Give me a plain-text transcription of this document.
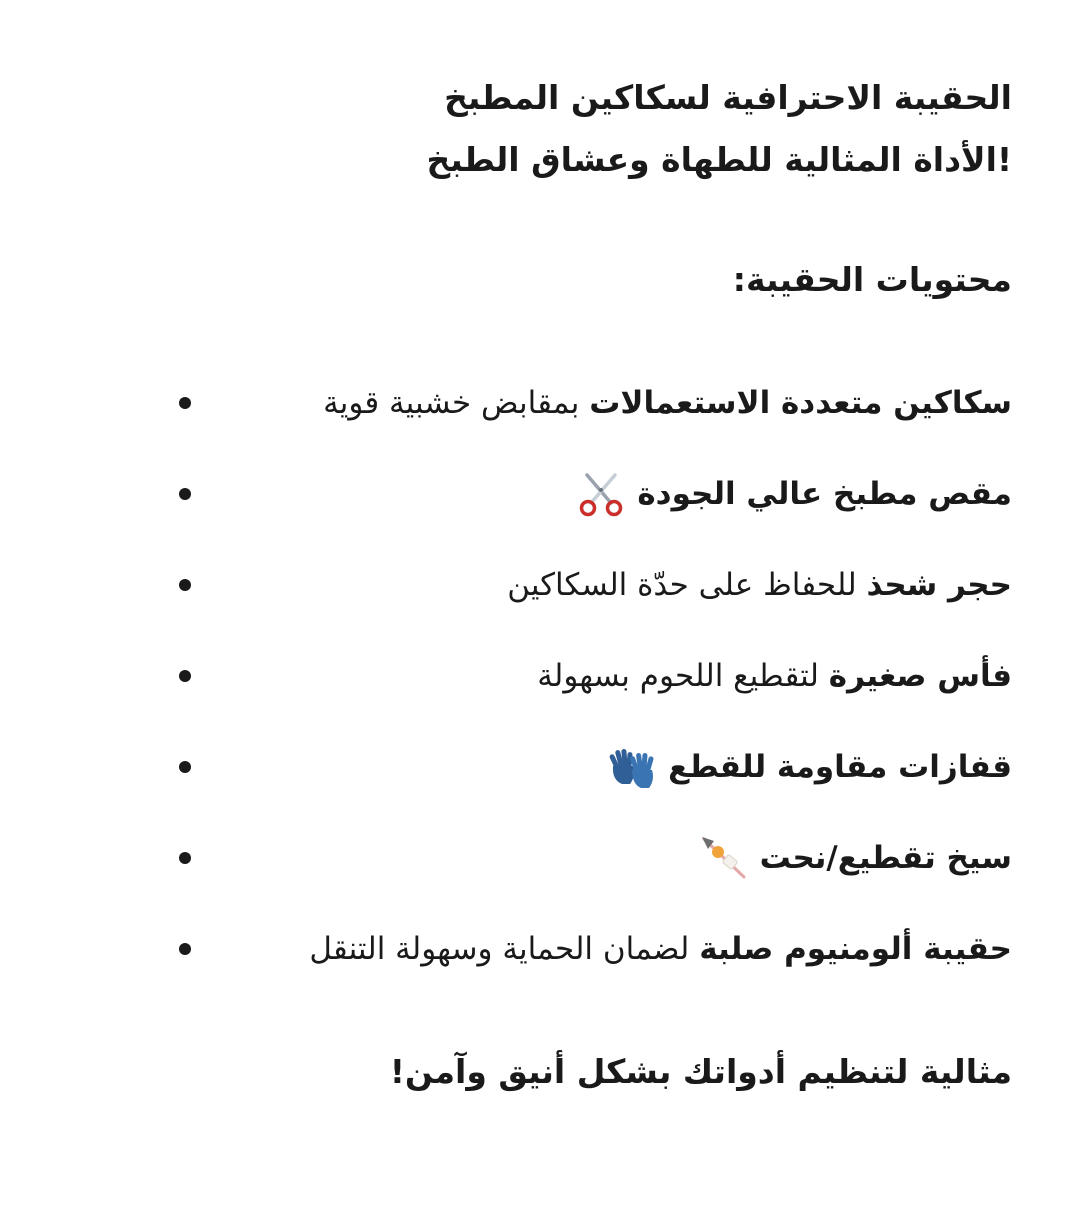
الحقيبة الاحترافية لسكاكين المطبخ

!الأداة المثالية للطهاة وعشاق الطبخ

محتويات الحقيبة:

سكاكين متعددة الاستعمالات بمقابض خشبية قوية
مقص مطبخ عالي الجودة
حجر شحذ للحفاظ على حدّة السكاكين
فأس صغيرة لتقطيع اللحوم بسهولة
قفازات مقاومة للقطع
سيخ تقطيع/نحت
حقيبة ألومنيوم صلبة لضمان الحماية وسهولة التنقل

مثالية لتنظيم أدواتك بشكل أنيق وآمن!
